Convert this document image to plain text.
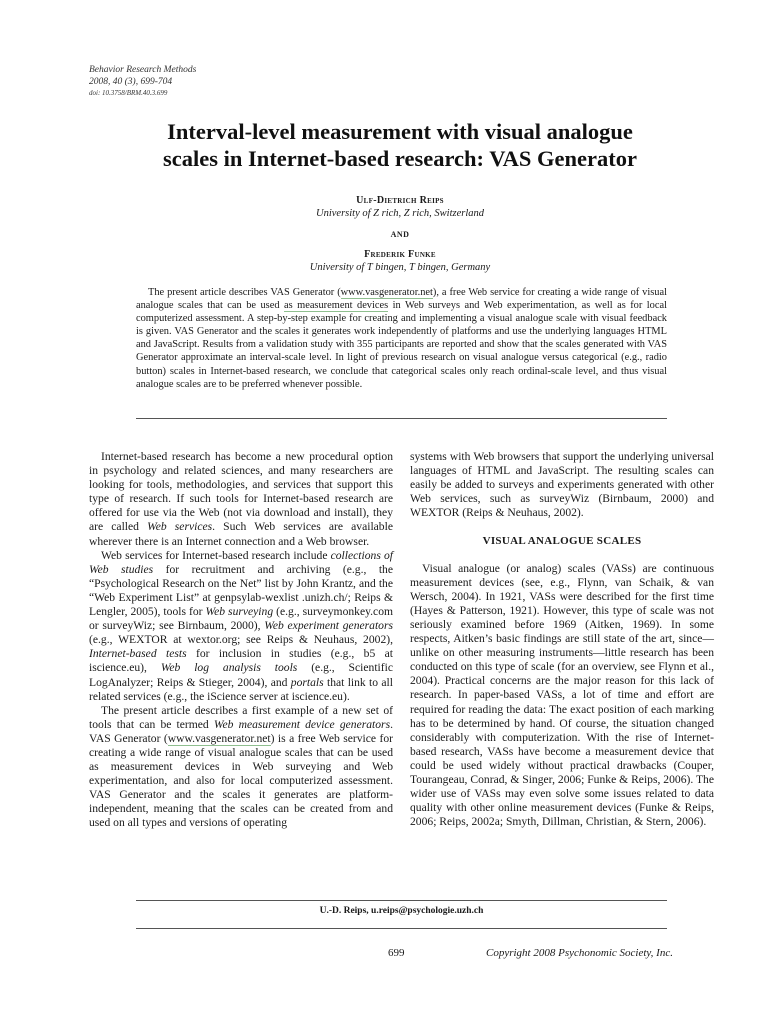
Behavior Research Methods
2008, 40 (3), 699-704
doi: 10.3758/BRM.40.3.699
Interval-level measurement with visual analogue
scales in Internet-based research: VAS Generator
Ulf-Dietrich Reips
University of Z rich, Z rich, Switzerland
AND
Frederik Funke
University of T bingen, T bingen, Germany

The present article describes VAS Generator (www.vasgenerator.net), a free Web service for creating a wide range of visual analogue scales that can be used as measurement devices in Web surveys and Web experimentation, as well as for local computerized assessment. A step-by-step example for creating and implementing a visual analogue scale with visual feedback is given. VAS Generator and the scales it generates work independently of platforms and use the underlying languages HTML and JavaScript. Results from a validation study with 355 participants are reported and show that the scales generated with VAS Generator approximate an interval-scale level. In light of previous research on visual analogue versus categorical (e.g., radio button) scales in Internet-based research, we conclude that categorical scales only reach ordinal-scale level, and thus visual analogue scales are to be preferred whenever possible.

Internet-based research has become a new procedural option in psychology and related sciences, and many researchers are looking for tools, methodologies, and services that support this type of research. If such tools for Internet-based research are offered for use via the Web (not via download and install), they are called Web services. Such Web services are available wherever there is an Internet connection and a Web browser.

Web services for Internet-based research include collections of Web studies for recruitment and archiving (e.g., the “Psychological Research on the Net” list by John Krantz, and the “Web Experiment List” at genpsylab-wexlist .unizh.ch/; Reips & Lengler, 2005), tools for Web surveying (e.g., surveymonkey.com or surveyWiz; see Birnbaum, 2000), Web experiment generators (e.g., WEXTOR at wextor.org; see Reips & Neuhaus, 2002), Internet-based tests for inclusion in studies (e.g., b5 at iscience.eu), Web log analysis tools (e.g., Scientific LogAnalyzer; Reips & Stieger, 2004), and portals that link to all related services (e.g., the iScience server at iscience.eu).

The present article describes a first example of a new set of tools that can be termed Web measurement device generators. VAS Generator (www.vasgenerator.net) is a free Web service for creating a wide range of visual analogue scales that can be used as measurement devices in Web surveying and Web experimentation, and also for local computerized assessment. VAS Generator and the scales it generates are platform-independent, meaning that the scales can be created from and used on all types and versions of operating

systems with Web browsers that support the underlying universal languages of HTML and JavaScript. The resulting scales can easily be added to surveys and experiments generated with other Web services, such as surveyWiz (Birnbaum, 2000) and WEXTOR (Reips & Neuhaus, 2002).

VISUAL ANALOGUE SCALES

Visual analogue (or analog) scales (VASs) are continuous measurement devices (see, e.g., Flynn, van Schaik, & van Wersch, 2004). In 1921, VASs were described for the first time (Hayes & Patterson, 1921). However, this type of scale was not seriously examined before 1969 (Aitken, 1969). In some respects, Aitken’s basic findings are still state of the art, since—unlike on other measuring instruments—little research has been conducted on this type of scale (for an overview, see Flynn et al., 2004). Practical concerns are the major reason for this lack of research. In paper-based VASs, a lot of time and effort are required for reading the data: The exact position of each marking has to be determined by hand. Of course, the situation changed considerably with computerization. With the rise of Internet-based research, VASs have become a measurement device that could be used widely without practical drawbacks (Couper, Tourangeau, Conrad, & Singer, 2006; Funke & Reips, 2006). The wider use of VASs may even solve some issues related to data quality with other online measurement devices (Funke & Reips, 2006; Reips, 2002a; Smyth, Dillman, Christian, & Stern, 2006).

U.-D. Reips, u.reips@psychologie.uzh.ch
699	Copyright 2008 Psychonomic Society, Inc.
